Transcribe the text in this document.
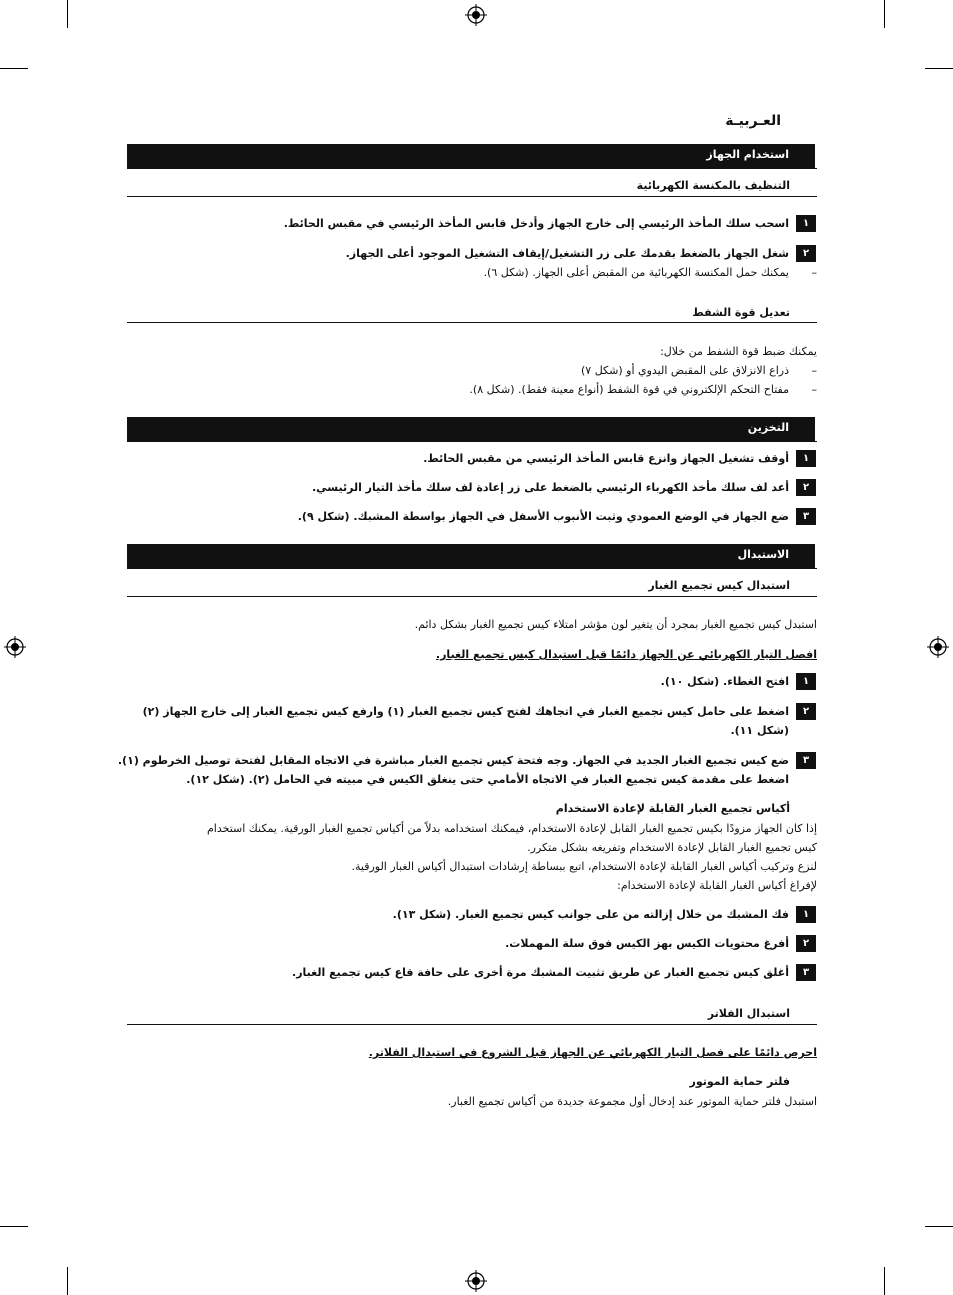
العـربيـة
استخدام الجهاز
التنظيف بالمكنسة الكهربائية
١
اسحب سلك المأخذ الرئيسي إلى خارج الجهاز وأدخل قابس المأخذ الرئيسي في مقبس الحائط.
٢
شغل الجهاز بالضغط بقدمك على زر التشغيل/إيقاف التشغيل الموجود أعلى الجهاز.
–
يمكنك حمل المكنسة الكهربائية من المقبض أعلى الجهاز. (شكل ٦).
تعديل قوة الشفط
يمكنك ضبط قوة الشفط من خلال:
–
ذراع الانزلاق على المقبض اليدوي أو (شكل ٧)
–
مفتاح التحكم الإلكتروني في قوة الشفط (أنواع معينة فقط). (شكل ٨).
التخزين
١
أوقف تشغيل الجهاز وانزع قابس المأخذ الرئيسي من مقبس الحائط.
٢
أعد لف سلك مأخذ الكهرباء الرئيسي بالضغط على زر إعادة لف سلك مأخذ التيار الرئيسي.
٣
ضع الجهاز في الوضع العمودي وثبت الأنبوب الأسفل في الجهاز بواسطة المشبك. (شكل ٩).
الاستبدال
استبدال كيس تجميع الغبار
استبدل كيس تجميع الغبار بمجرد أن يتغير لون مؤشر امتلاء كيس تجميع الغبار بشكل دائم.
افصل التيار الكهربائي عن الجهاز دائمًا قبل استبدال كيس تجميع الغبار.
١
افتح الغطاء. (شكل ١٠).
٢
اضغط على حامل كيس تجميع الغبار في اتجاهك لفتح كيس تجميع الغبار (١) وارفع كيس تجميع الغبار إلى خارج الجهاز (٢)
(شكل ١١).
٣
ضع كيس تجميع الغبار الجديد في الجهاز. وجه فتحة كيس تجميع الغبار مباشرة في الاتجاه المقابل لفتحة توصيل الخرطوم (١).
اضغط على مقدمة كيس تجميع الغبار في الاتجاه الأمامي حتى ينغلق الكيس في مبيته في الحامل (٢). (شكل ١٢).
أكياس تجميع الغبار القابلة لإعادة الاستخدام
إذا كان الجهاز مزودًا بكيس تجميع الغبار القابل لإعادة الاستخدام، فيمكنك استخدامه بدلاً من أكياس تجميع الغبار الورقية. يمكنك استخدام
كيس تجميع الغبار القابل لإعادة الاستخدام وتفريغه بشكل متكرر.
لنزع وتركيب أكياس الغبار القابلة لإعادة الاستخدام، اتبع ببساطة إرشادات استبدال أكياس الغبار الورقية.
لإفراغ أكياس الغبار القابلة لإعادة الاستخدام:
١
فك المشبك من خلال إزالته من على جوانب كيس تجميع الغبار. (شكل ١٣).
٢
أفرغ محتويات الكيس بهز الكيس فوق سلة المهملات.
٣
أغلق كيس تجميع الغبار عن طريق تثبيت المشبك مرة أخرى على حافة قاع كيس تجميع الغبار.
استبدال الفلاتر
احرص دائمًا على فصل التيار الكهربائي عن الجهاز قبل الشروع في استبدال الفلاتر.
فلتر حماية الموتور
استبدل فلتر حماية الموتور عند إدخال أول مجموعة جديدة من أكياس تجميع الغبار.
